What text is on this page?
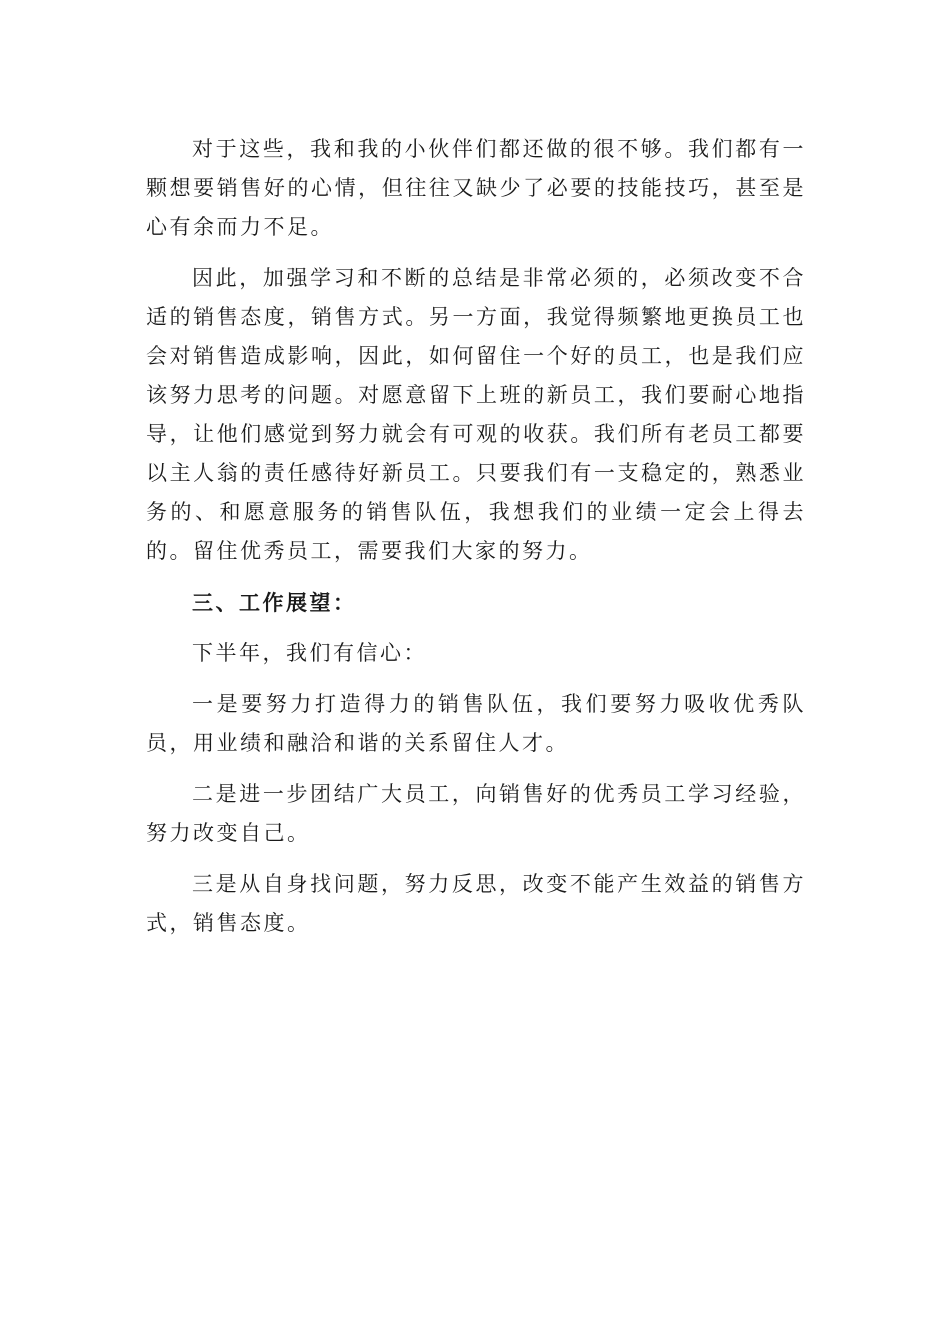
对于这些，我和我的小伙伴们都还做的很不够。我们都有一颗想要销售好的心情，但往往又缺少了必要的技能技巧，甚至是心有余而力不足。

因此，加强学习和不断的总结是非常必须的，必须改变不合适的销售态度，销售方式。另一方面，我觉得频繁地更换员工也会对销售造成影响，因此，如何留住一个好的员工，也是我们应该努力思考的问题。对愿意留下上班的新员工，我们要耐心地指导，让他们感觉到努力就会有可观的收获。我们所有老员工都要以主人翁的责任感待好新员工。只要我们有一支稳定的，熟悉业务的、和愿意服务的销售队伍，我想我们的业绩一定会上得去的。留住优秀员工，需要我们大家的努力。

三、工作展望：

下半年，我们有信心：

一是要努力打造得力的销售队伍，我们要努力吸收优秀队员，用业绩和融洽和谐的关系留住人才。

二是进一步团结广大员工，向销售好的优秀员工学习经验，努力改变自己。

三是从自身找问题，努力反思，改变不能产生效益的销售方式，销售态度。
